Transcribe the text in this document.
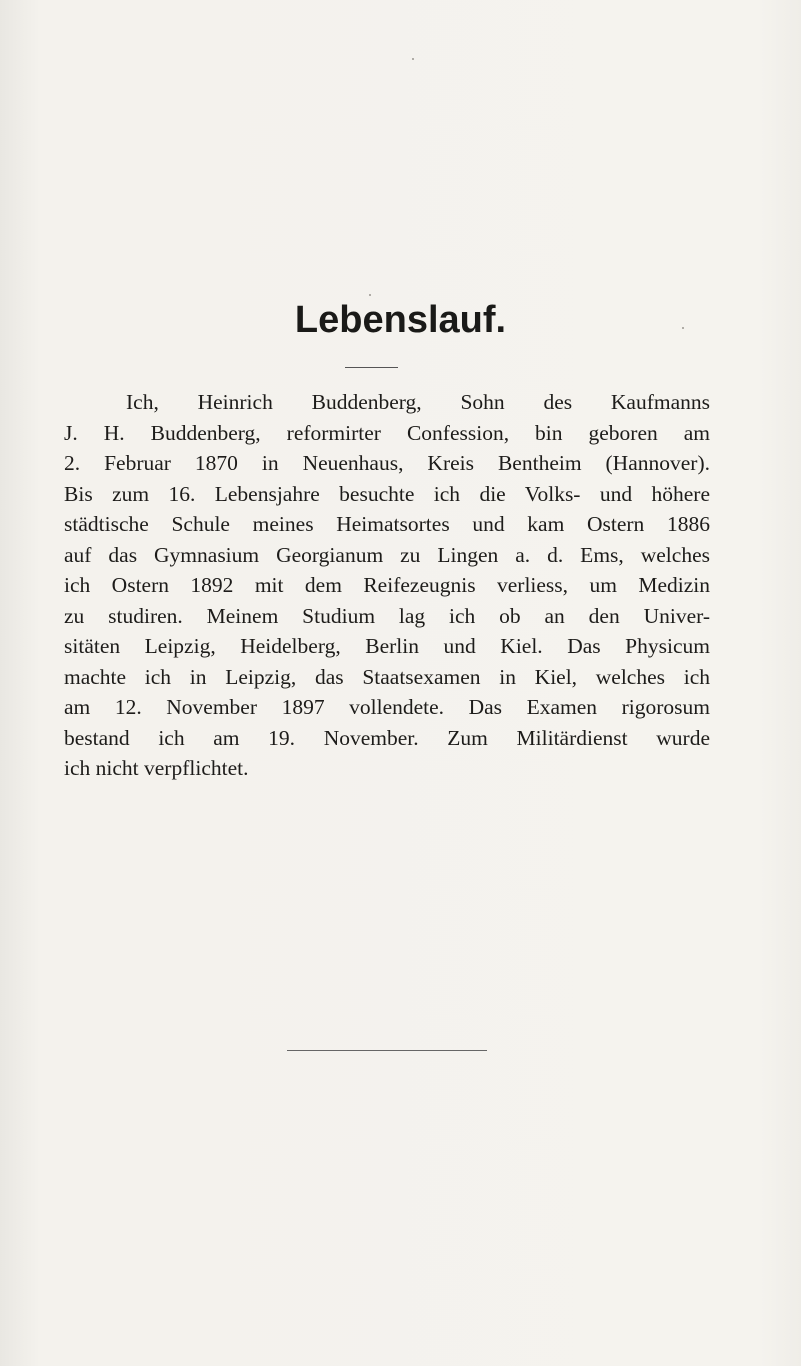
Lebenslauf.
Ich, Heinrich Buddenberg, Sohn des Kaufmanns
J. H. Buddenberg, reformirter Confession, bin geboren am
2. Februar 1870 in Neuenhaus, Kreis Bentheim (Hannover).
Bis zum 16. Lebensjahre besuchte ich die Volks- und höhere
städtische Schule meines Heimatsortes und kam Ostern 1886
auf das Gymnasium Georgianum zu Lingen a. d. Ems, welches
ich Ostern 1892 mit dem Reifezeugnis verliess, um Medizin
zu studiren. Meinem Studium lag ich ob an den Univer-
sitäten Leipzig, Heidelberg, Berlin und Kiel. Das Physicum
machte ich in Leipzig, das Staatsexamen in Kiel, welches ich
am 12. November 1897 vollendete. Das Examen rigorosum
bestand ich am 19. November. Zum Militärdienst wurde
ich nicht verpflichtet.
